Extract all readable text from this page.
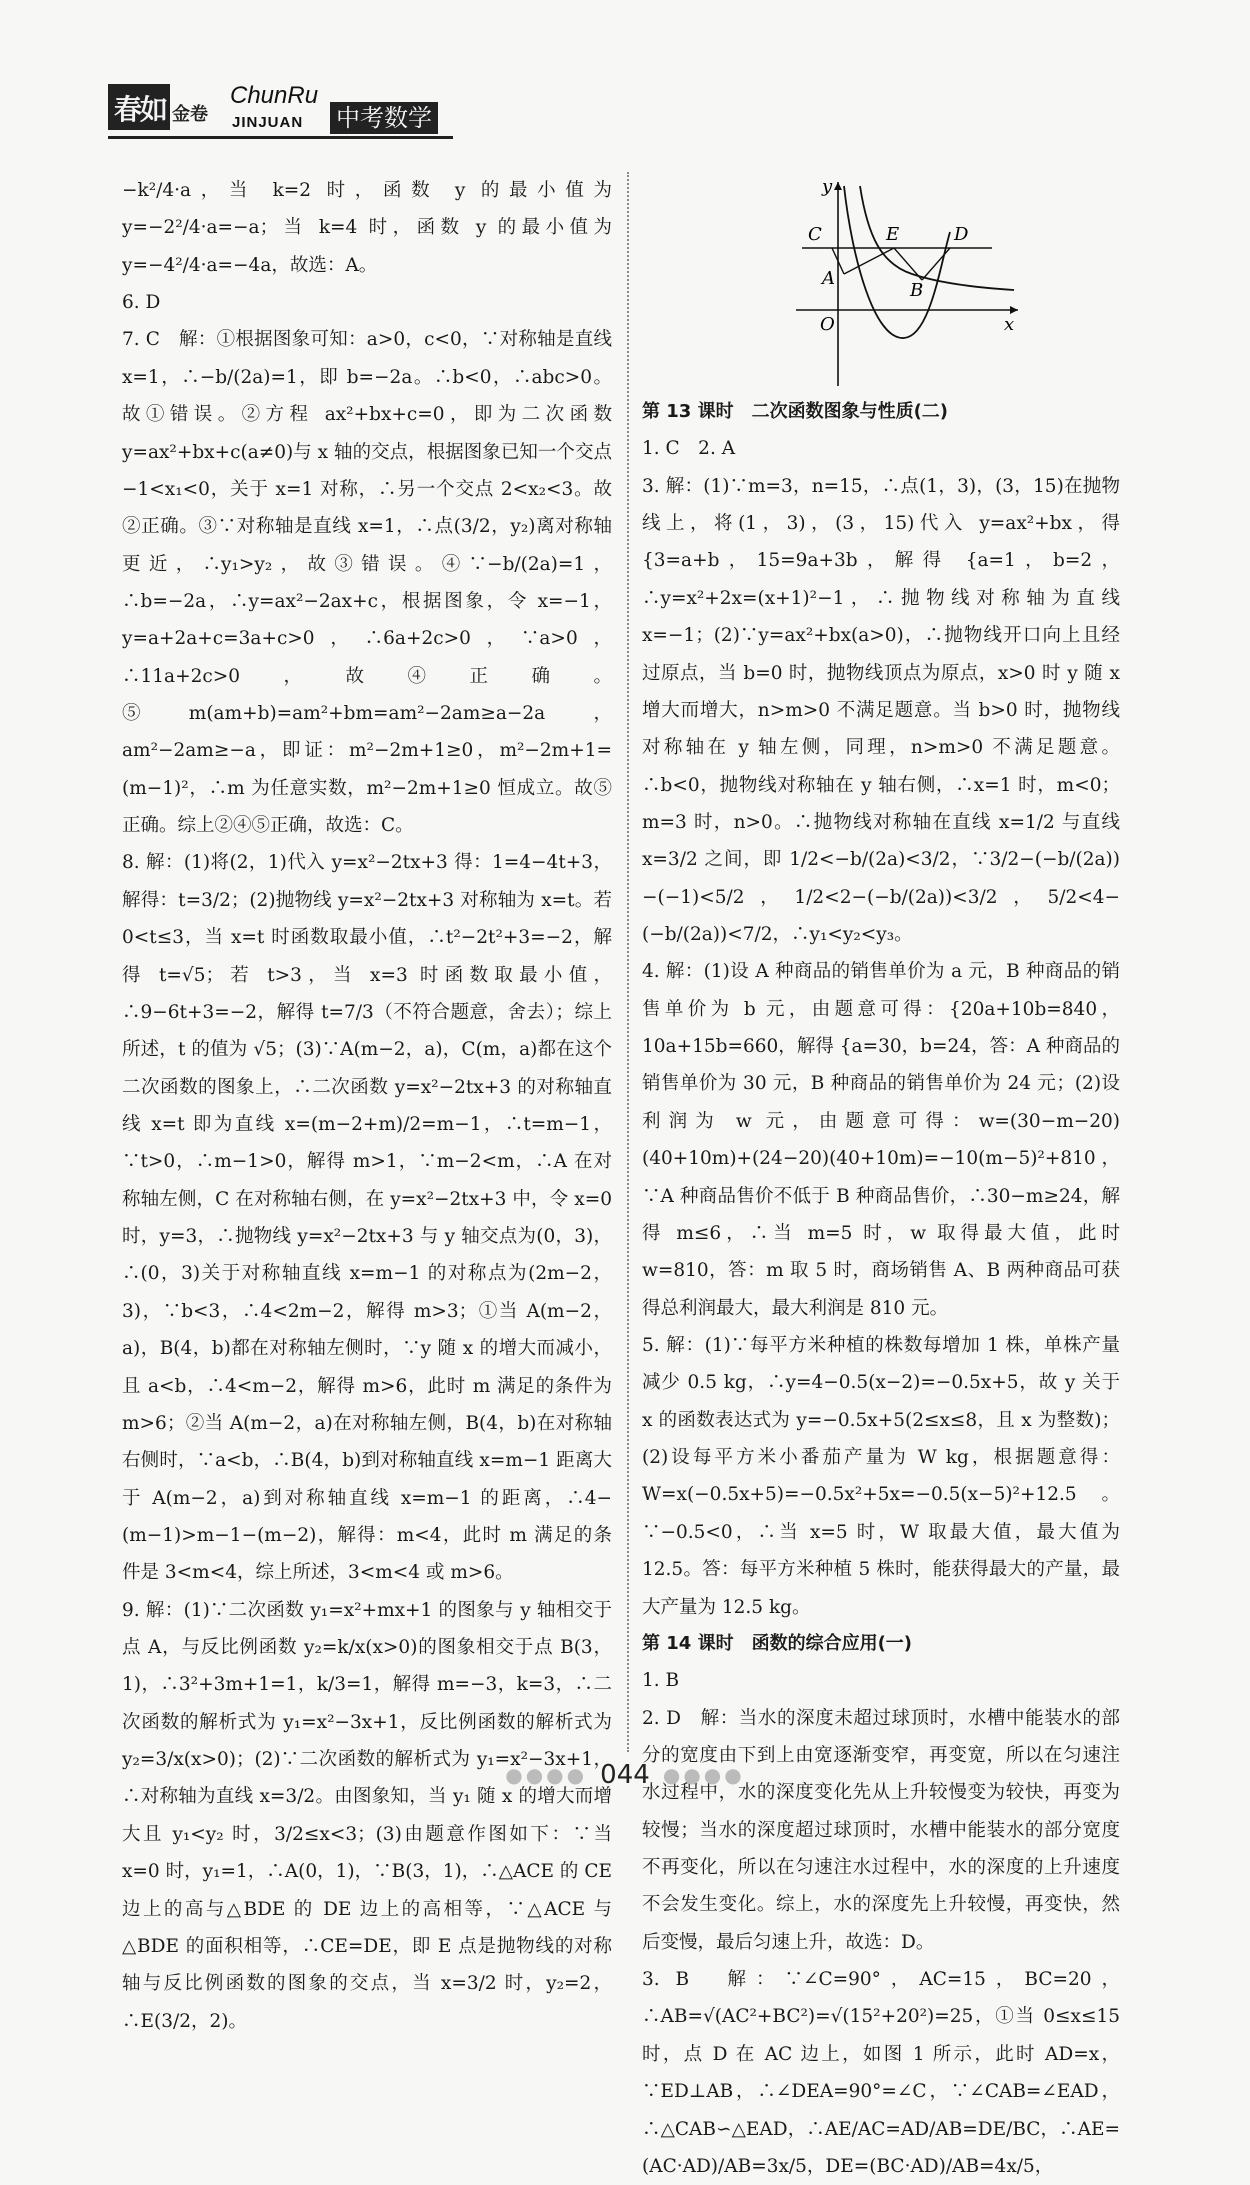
春如 金卷
ChunRu
JINJUAN 中考数学

−k²/4·a，当 k=2 时，函数 y 的最小值为 y=−2²/4·a=−a；当 k=4 时，函数 y 的最小值为 y=−4²/4·a=−4a，故选：A。

6. D

7. C　解：①根据图象可知：a>0，c<0，∵对称轴是直线 x=1，∴−b/(2a)=1，即 b=−2a。∴b<0，∴abc>0。故①错误。②方程 ax²+bx+c=0，即为二次函数 y=ax²+bx+c(a≠0)与 x 轴的交点，根据图象已知一个交点 −1<x₁<0，关于 x=1 对称，∴另一个交点 2<x₂<3。故②正确。③∵对称轴是直线 x=1，∴点(3/2，y₂)离对称轴更近，∴y₁>y₂，故③错误。④∵−b/(2a)=1，∴b=−2a，∴y=ax²−2ax+c，根据图象，令 x=−1，y=a+2a+c=3a+c>0，∴6a+2c>0，∵a>0，∴11a+2c>0，故④正确。⑤m(am+b)=am²+bm=am²−2am≥a−2a，am²−2am≥−a，即证：m²−2m+1≥0，m²−2m+1=(m−1)²，∴m 为任意实数，m²−2m+1≥0 恒成立。故⑤正确。综上②④⑤正确，故选：C。

8. 解：(1)将(2，1)代入 y=x²−2tx+3 得：1=4−4t+3，解得：t=3/2；(2)抛物线 y=x²−2tx+3 对称轴为 x=t。若 0<t≤3，当 x=t 时函数取最小值，∴t²−2t²+3=−2，解得 t=√5；若 t>3，当 x=3 时函数取最小值，∴9−6t+3=−2，解得 t=7/3（不符合题意，舍去）；综上所述，t 的值为 √5；(3)∵A(m−2，a)，C(m，a)都在这个二次函数的图象上，∴二次函数 y=x²−2tx+3 的对称轴直线 x=t 即为直线 x=(m−2+m)/2=m−1，∴t=m−1，∵t>0，∴m−1>0，解得 m>1，∵m−2<m，∴A 在对称轴左侧，C 在对称轴右侧，在 y=x²−2tx+3 中，令 x=0 时，y=3，∴抛物线 y=x²−2tx+3 与 y 轴交点为(0，3)，∴(0，3)关于对称轴直线 x=m−1 的对称点为(2m−2，3)，∵b<3，∴4<2m−2，解得 m>3；①当 A(m−2，a)，B(4，b)都在对称轴左侧时，∵y 随 x 的增大而减小，且 a<b，∴4<m−2，解得 m>6，此时 m 满足的条件为 m>6；②当 A(m−2，a)在对称轴左侧，B(4，b)在对称轴右侧时，∵a<b，∴B(4，b)到对称轴直线 x=m−1 距离大于 A(m−2，a)到对称轴直线 x=m−1 的距离，∴4−(m−1)>m−1−(m−2)，解得：m<4，此时 m 满足的条件是 3<m<4，综上所述，3<m<4 或 m>6。

9. 解：(1)∵二次函数 y₁=x²+mx+1 的图象与 y 轴相交于点 A，与反比例函数 y₂=k/x(x>0)的图象相交于点 B(3，1)，∴3²+3m+1=1，k/3=1，解得 m=−3，k=3，∴二次函数的解析式为 y₁=x²−3x+1，反比例函数的解析式为 y₂=3/x(x>0)；(2)∵二次函数的解析式为 y₁=x²−3x+1，∴对称轴为直线 x=3/2。由图象知，当 y₁ 随 x 的增大而增大且 y₁<y₂ 时，3/2≤x<3；(3)由题意作图如下：∵当 x=0 时，y₁=1，∴A(0，1)，∵B(3，1)，∴△ACE 的 CE 边上的高与△BDE 的 DE 边上的高相等，∵△ACE 与△BDE 的面积相等，∴CE=DE，即 E 点是抛物线的对称轴与反比例函数的图象的交点，当 x=3/2 时，y₂=2，∴E(3/2，2)。

y
x
O
C	E	D
A
B

第 13 课时　二次函数图象与性质(二)

1. C　2. A

3. 解：(1)∵m=3，n=15，∴点(1，3)，(3，15)在抛物线上，将(1，3)，(3，15)代入 y=ax²+bx，得 {3=a+b，15=9a+3b，解得 {a=1，b=2，∴y=x²+2x=(x+1)²−1，∴抛物线对称轴为直线 x=−1；(2)∵y=ax²+bx(a>0)，∴抛物线开口向上且经过原点，当 b=0 时，抛物线顶点为原点，x>0 时 y 随 x 增大而增大，n>m>0 不满足题意。当 b>0 时，抛物线对称轴在 y 轴左侧，同理，n>m>0 不满足题意。∴b<0，抛物线对称轴在 y 轴右侧，∴x=1 时，m<0；m=3 时，n>0。∴抛物线对称轴在直线 x=1/2 与直线 x=3/2 之间，即 1/2<−b/(2a)<3/2，∵3/2−(−b/(2a))−(−1)<5/2，1/2<2−(−b/(2a))<3/2，5/2<4−(−b/(2a))<7/2，∴y₁<y₂<y₃。

4. 解：(1)设 A 种商品的销售单价为 a 元，B 种商品的销售单价为 b 元，由题意可得：{20a+10b=840，10a+15b=660，解得 {a=30，b=24，答：A 种商品的销售单价为 30 元，B 种商品的销售单价为 24 元；(2)设利润为 w 元，由题意可得：w=(30−m−20)(40+10m)+(24−20)(40+10m)=−10(m−5)²+810，∵A 种商品售价不低于 B 种商品售价，∴30−m≥24，解得 m≤6，∴当 m=5 时，w 取得最大值，此时 w=810，答：m 取 5 时，商场销售 A、B 两种商品可获得总利润最大，最大利润是 810 元。

5. 解：(1)∵每平方米种植的株数每增加 1 株，单株产量减少 0.5 kg，∴y=4−0.5(x−2)=−0.5x+5，故 y 关于 x 的函数表达式为 y=−0.5x+5(2≤x≤8，且 x 为整数)；(2)设每平方米小番茄产量为 W kg，根据题意得：W=x(−0.5x+5)=−0.5x²+5x=−0.5(x−5)²+12.5。∵−0.5<0，∴当 x=5 时，W 取最大值，最大值为 12.5。答：每平方米种植 5 株时，能获得最大的产量，最大产量为 12.5 kg。

第 14 课时　函数的综合应用(一)

1. B

2. D　解：当水的深度未超过球顶时，水槽中能装水的部分的宽度由下到上由宽逐渐变窄，再变宽，所以在匀速注水过程中，水的深度变化先从上升较慢变为较快，再变为较慢；当水的深度超过球顶时，水槽中能装水的部分宽度不再变化，所以在匀速注水过程中，水的深度的上升速度不会发生变化。综上，水的深度先上升较慢，再变快，然后变慢，最后匀速上升，故选：D。

3. B　解：∵∠C=90°，AC=15，BC=20，∴AB=√(AC²+BC²)=√(15²+20²)=25，①当 0≤x≤15 时，点 D 在 AC 边上，如图 1 所示，此时 AD=x，∵ED⊥AB，∴∠DEA=90°=∠C，∵∠CAB=∠EAD，∴△CAB∽△EAD，∴AE/AC=AD/AB=DE/BC，∴AE=(AC·AD)/AB=3x/5，DE=(BC·AD)/AB=4x/5，

●●●● 044 ●●●●
